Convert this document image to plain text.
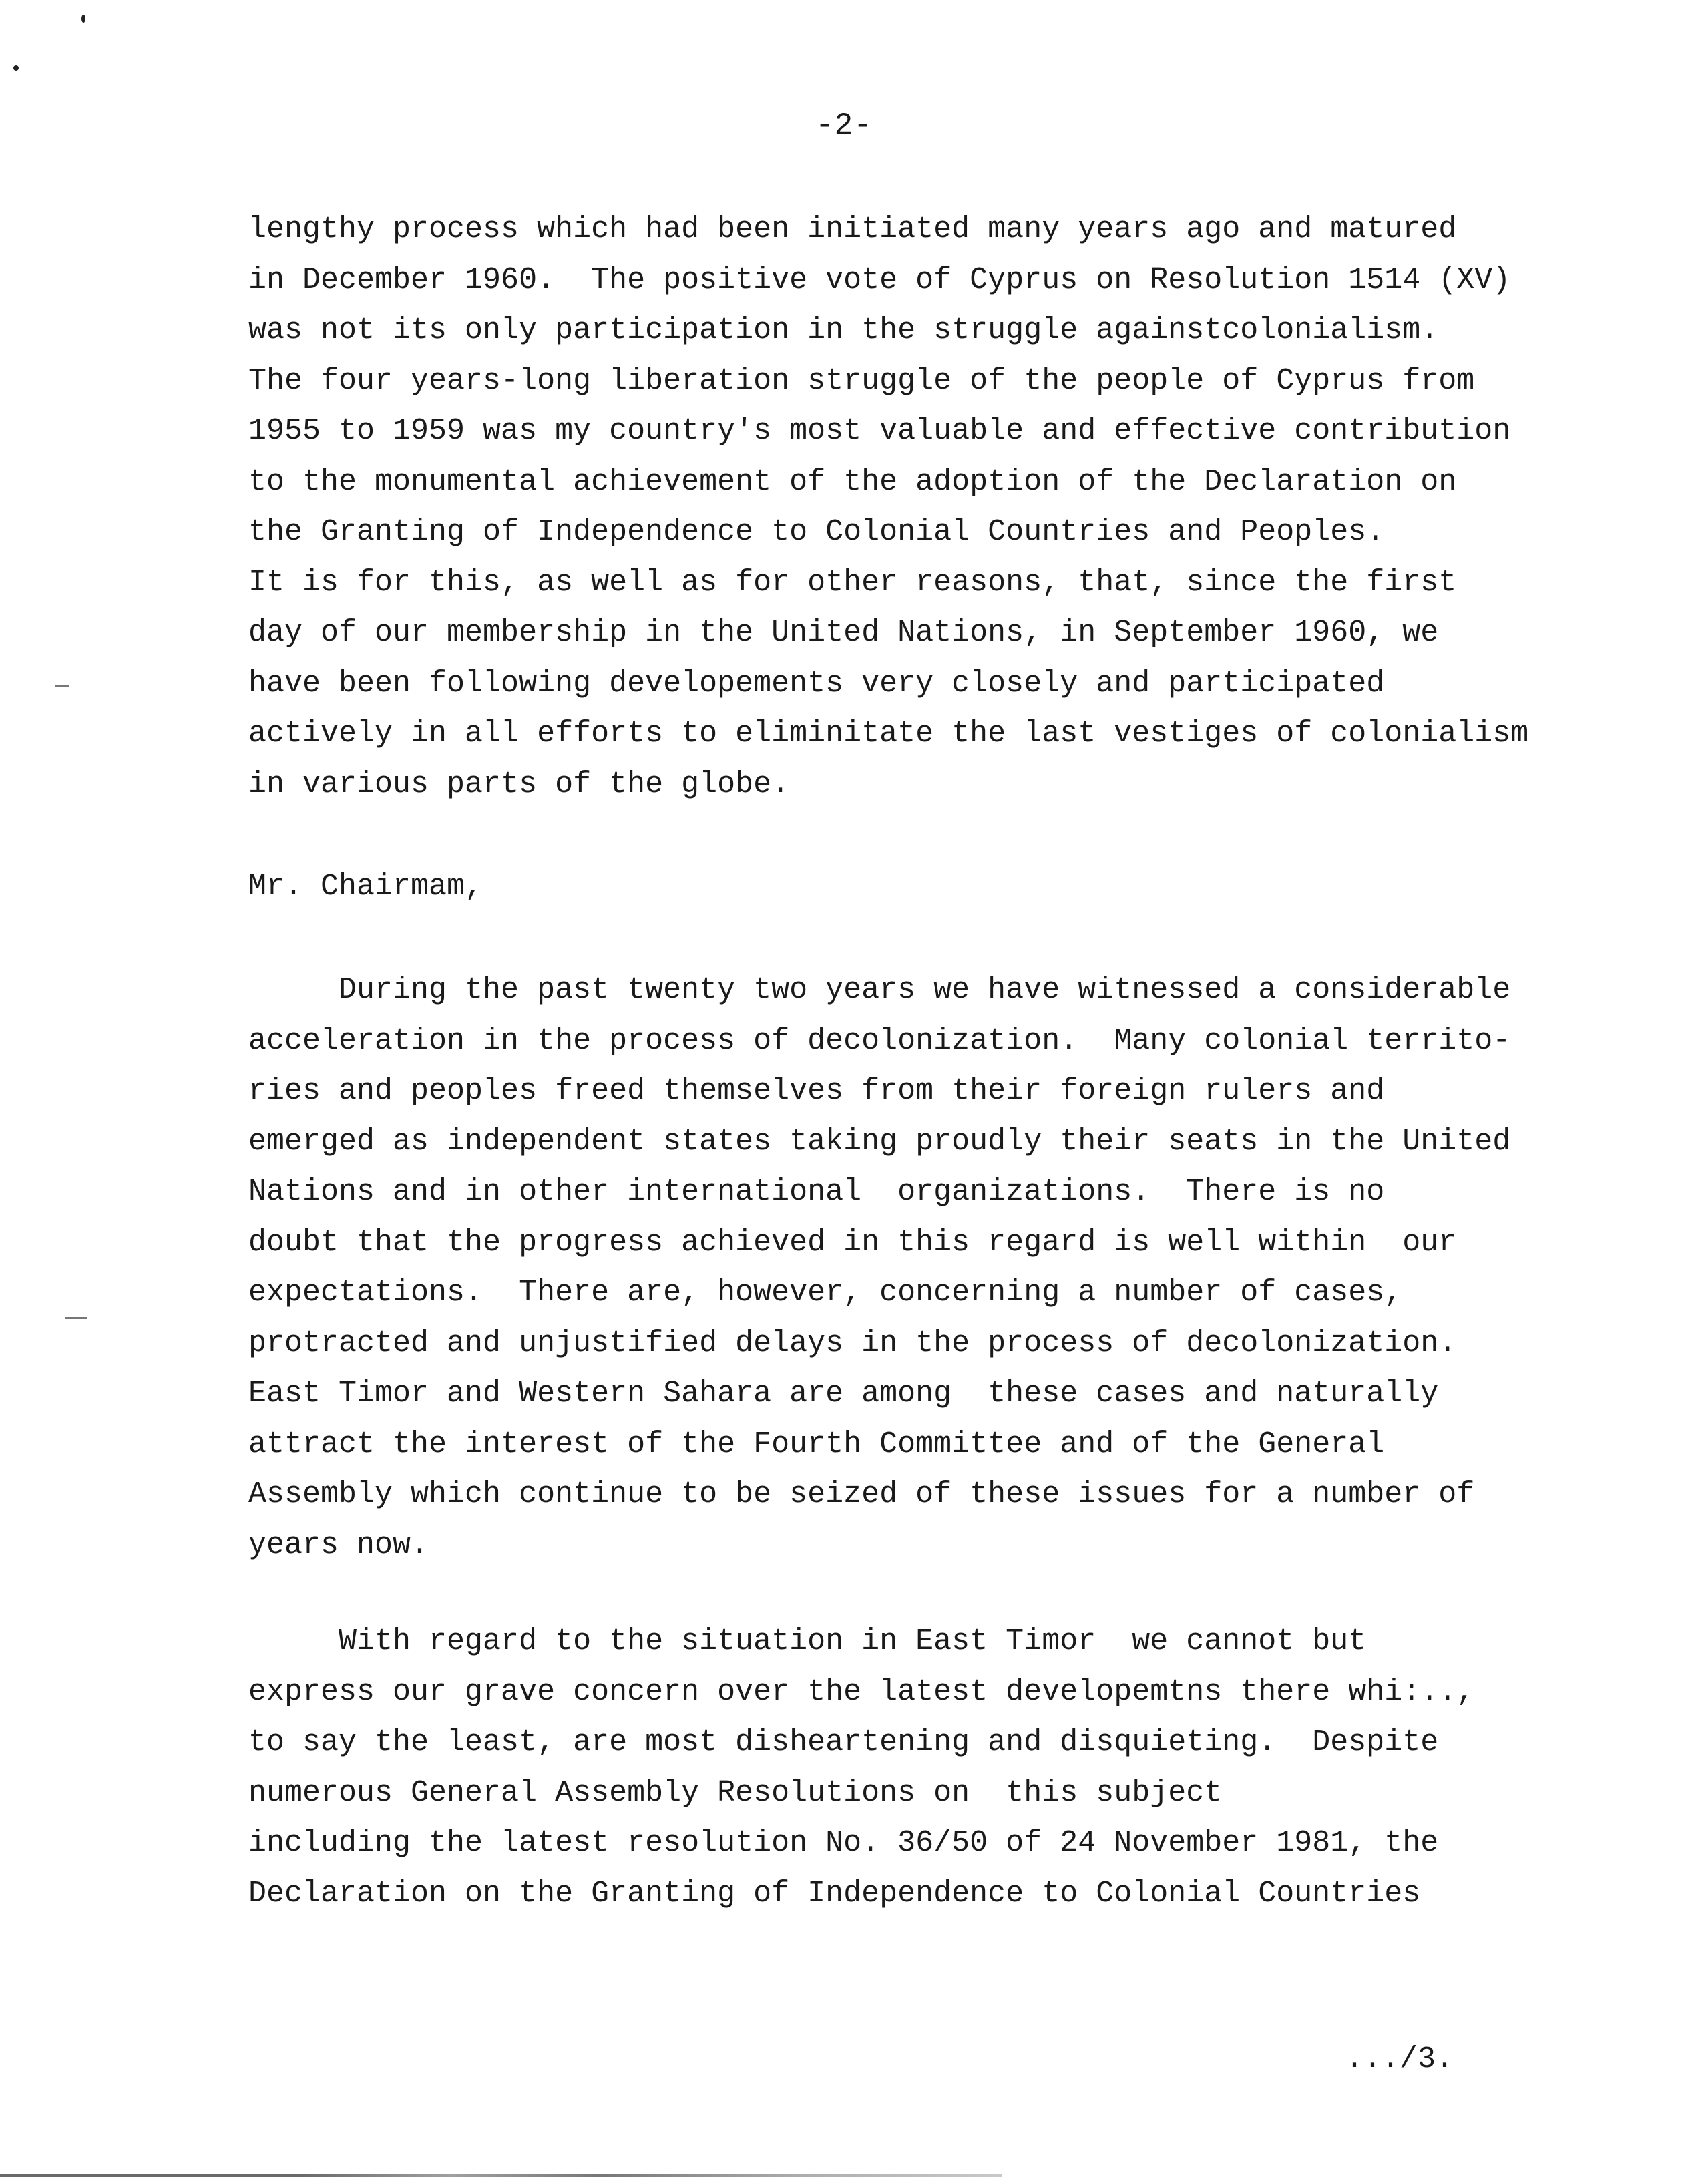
-2-
lengthy process which had been initiated many years ago and matured
in December 1960.  The positive vote of Cyprus on Resolution 1514 (XV)
was not its only participation in the struggle againstcolonialism.
The four years-long liberation struggle of the people of Cyprus from
1955 to 1959 was my country's most valuable and effective contribution
to the monumental achievement of the adoption of the Declaration on
the Granting of Independence to Colonial Countries and Peoples.
It is for this, as well as for other reasons, that, since the first
day of our membership in the United Nations, in September 1960, we
have been following developements very closely and participated
actively in all efforts to eliminitate the last vestiges of colonialism
in various parts of the globe.
Mr. Chairmam,
During the past twenty two years we have witnessed a considerable
acceleration in the process of decolonization.  Many colonial territo-
ries and peoples freed themselves from their foreign rulers and
emerged as independent states taking proudly their seats in the United
Nations and in other international  organizations.  There is no
doubt that the progress achieved in this regard is well within  our
expectations.  There are, however, concerning a number of cases,
protracted and unjustified delays in the process of decolonization.
East Timor and Western Sahara are among  these cases and naturally
attract the interest of the Fourth Committee and of the General
Assembly which continue to be seized of these issues for a number of
years now.
With regard to the situation in East Timor  we cannot but
express our grave concern over the latest developemtns there whi:..,
to say the least, are most disheartening and disquieting.  Despite
numerous General Assembly Resolutions on  this subject
including the latest resolution No. 36/50 of 24 November 1981, the
Declaration on the Granting of Independence to Colonial Countries
.../3.
